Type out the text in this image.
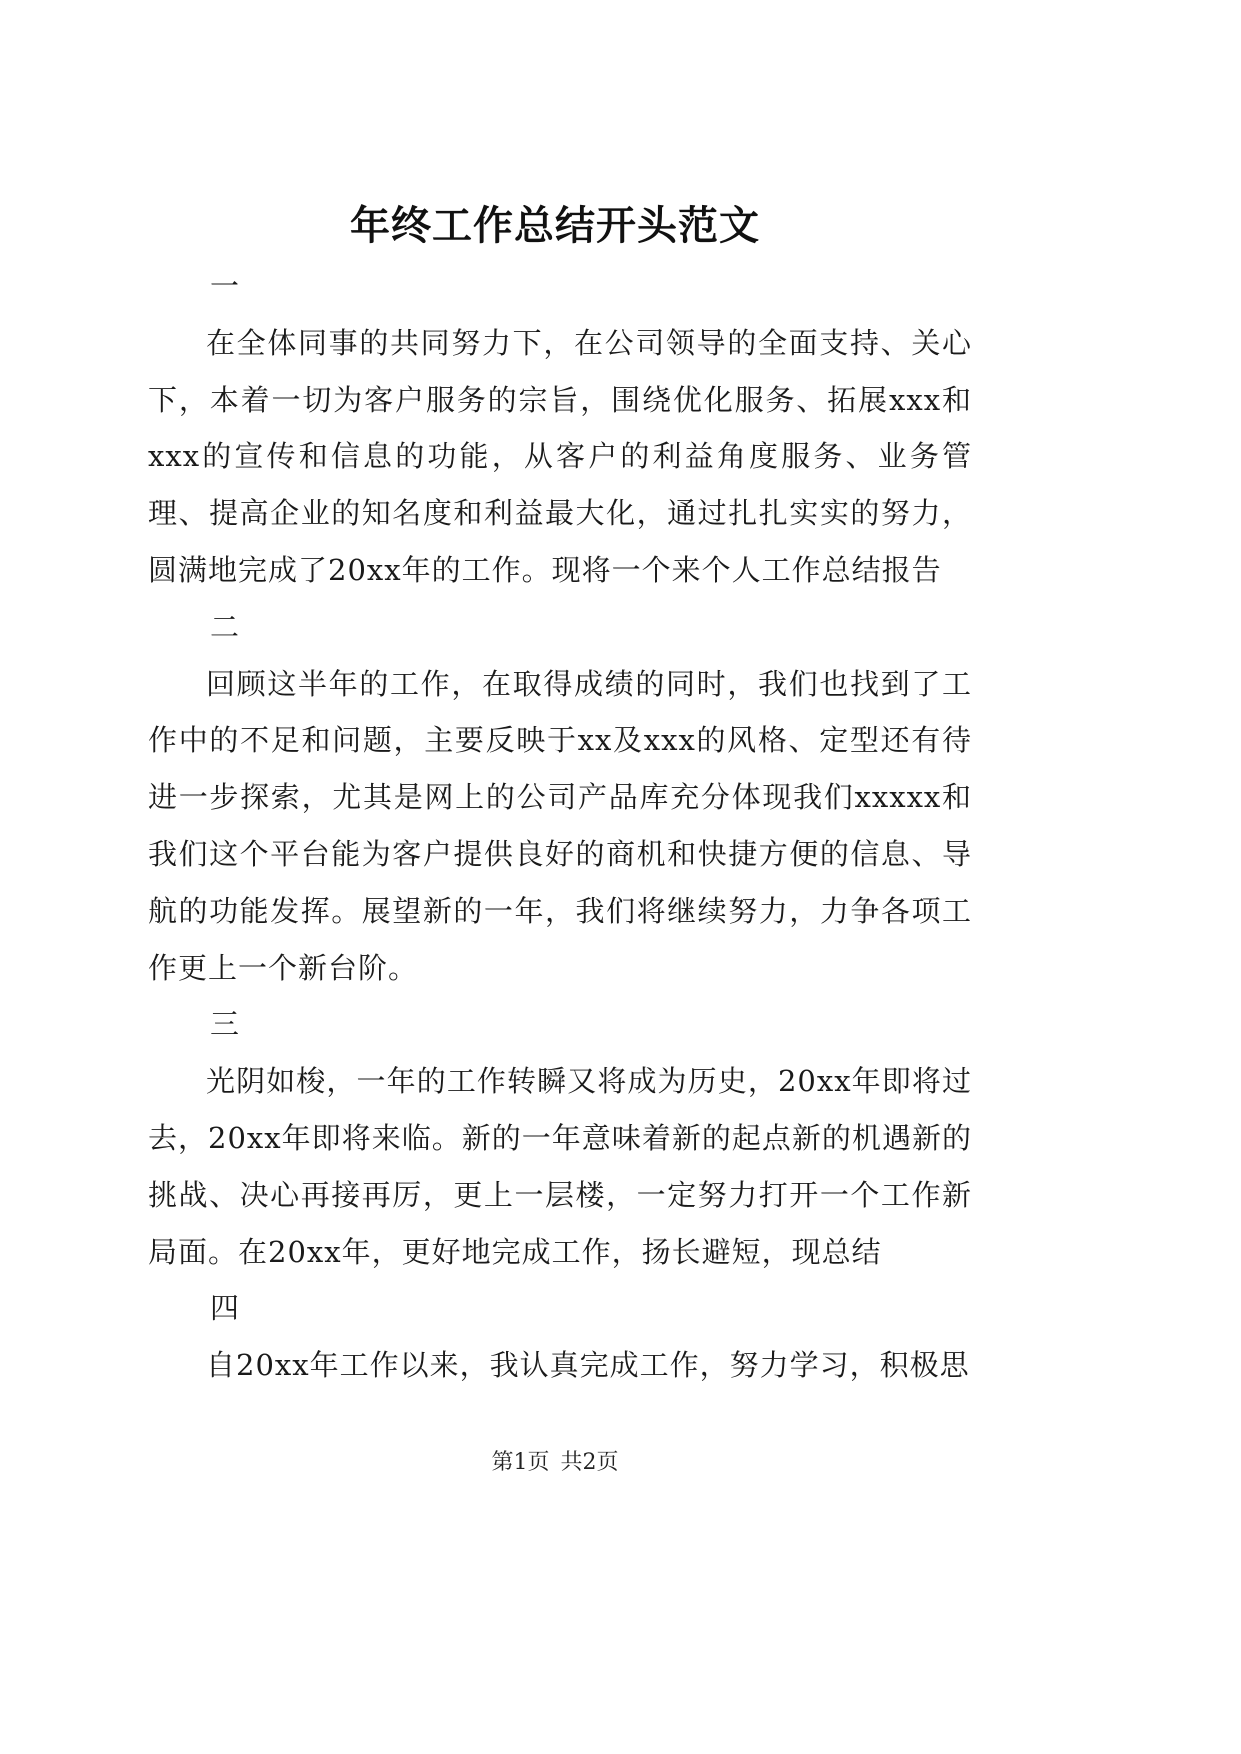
年终工作总结开头范文

一

在全体同事的共同努力下，在公司领导的全面支持、关心下，本着一切为客户服务的宗旨，围绕优化服务、拓展xxx和xxx的宣传和信息的功能，从客户的利益角度服务、业务管理、提高企业的知名度和利益最大化，通过扎扎实实的努力，圆满地完成了20xx年的工作。现将一个来个人工作总结报告

二

回顾这半年的工作，在取得成绩的同时，我们也找到了工作中的不足和问题，主要反映于xx及xxx的风格、定型还有待进一步探索，尤其是网上的公司产品库充分体现我们xxxxx和我们这个平台能为客户提供良好的商机和快捷方便的信息、导航的功能发挥。展望新的一年，我们将继续努力，力争各项工作更上一个新台阶。

三

光阴如梭，一年的工作转瞬又将成为历史，20xx年即将过去，20xx年即将来临。新的一年意味着新的起点新的机遇新的挑战、决心再接再厉，更上一层楼，一定努力打开一个工作新局面。在20xx年，更好地完成工作，扬长避短，现总结

四

自20xx年工作以来，我认真完成工作，努力学习，积极思

第1页 共2页
